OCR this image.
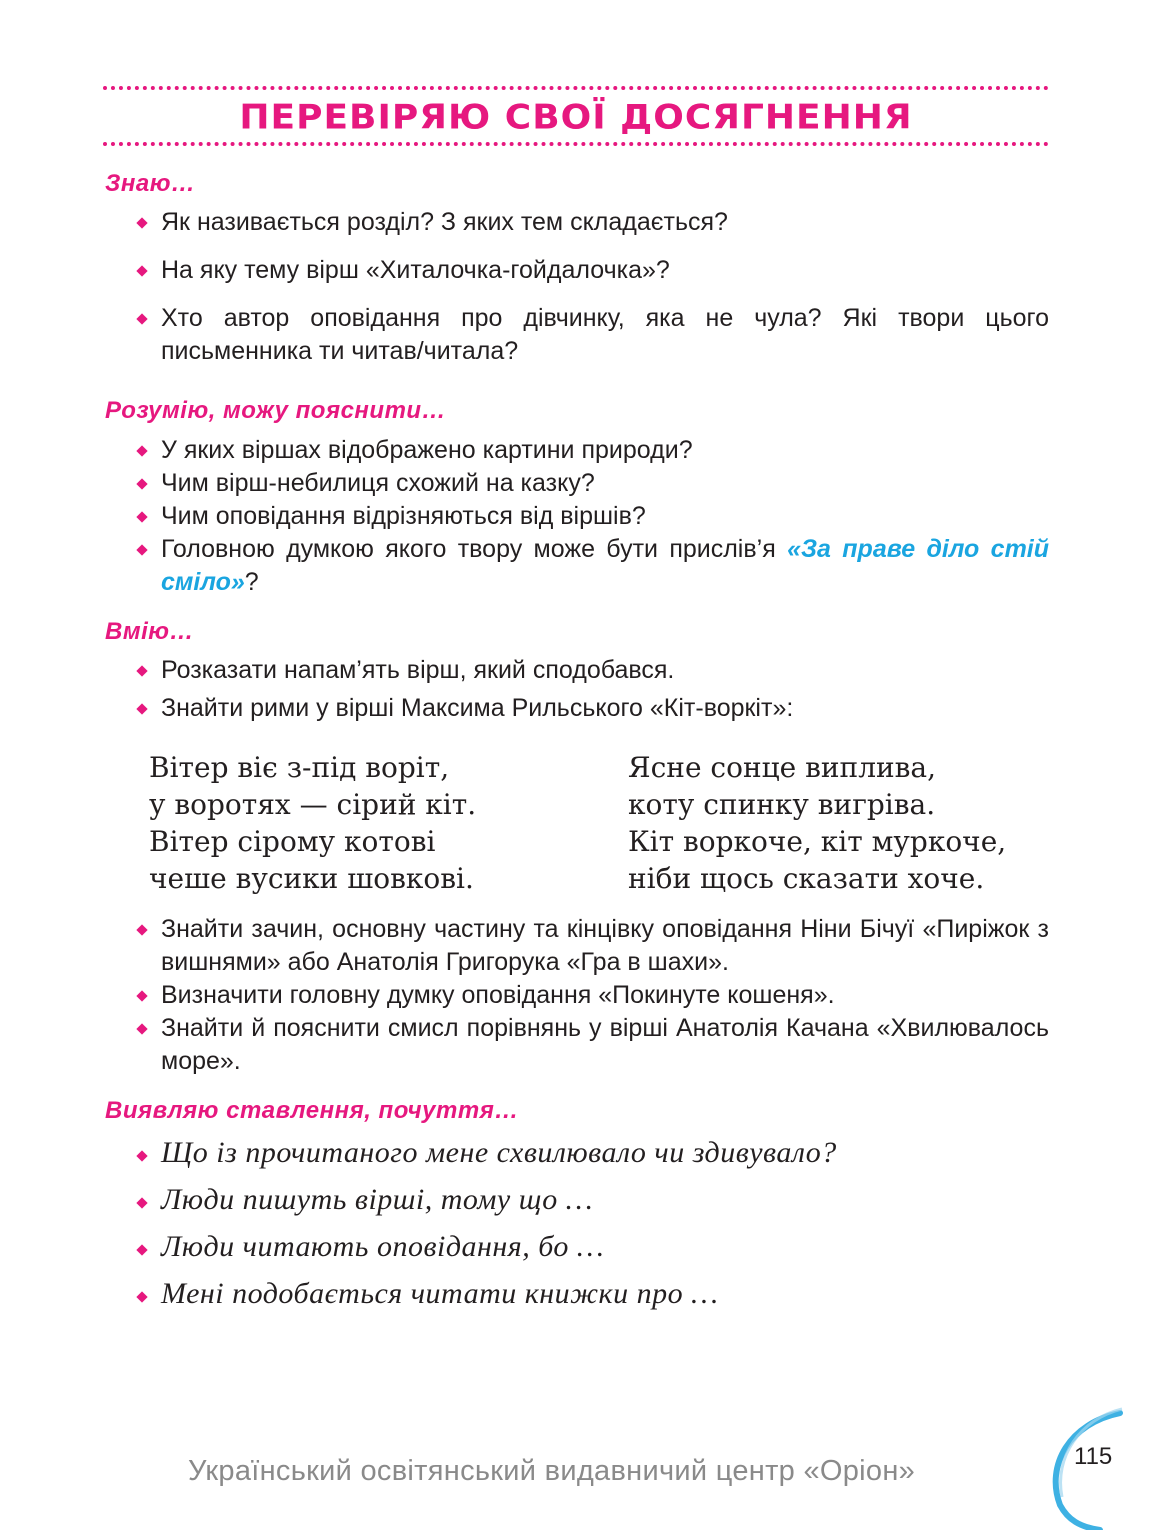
ПЕРЕВІРЯЮ СВОЇ ДОСЯГНЕННЯ
Знаю…
Як називається розділ? З яких тем складається?
На яку тему вірш «Хиталочка-гойдалочка»?
Хто автор оповідання про дівчинку, яка не чула? Які твори цього письменника ти читав/читала?
Розумію, можу пояснити…
У яких віршах відображено картини природи?
Чим вірш-небилиця схожий на казку?
Чим оповідання відрізняються від віршів?
Головною думкою якого твору може бути прислів’я «За праве діло стій сміло»?
Вмію…
Розказати напам’ять вірш, який сподобався.
Знайти рими у вірші Максима Рильського «Кіт-воркіт»:
Вітер віє з-під воріт,
у воротях — сірий кіт.
Вітер сірому котові
чеше вусики шовкові.
Ясне сонце виплива,
коту спинку вигріва.
Кіт воркоче, кіт муркоче,
ніби щось сказати хоче.
Знайти зачин, основну частину та кінцівку оповідання Ніни Бічуї «Пиріжок з вишнями» або Анатолія Григорука «Гра в шахи».
Визначити головну думку оповідання «Покинуте кошеня».
Знайти й пояснити смисл порівнянь у вірші Анатолія Качана «Хвилювалось море».
Виявляю ставлення, почуття…
Що із прочитаного мене схвилювало чи здивувало?
Люди пишуть вірші, тому що …
Люди читають оповідання, бо …
Мені подобається читати книжки про …
Український освітянський видавничий центр «Оріон»	115
